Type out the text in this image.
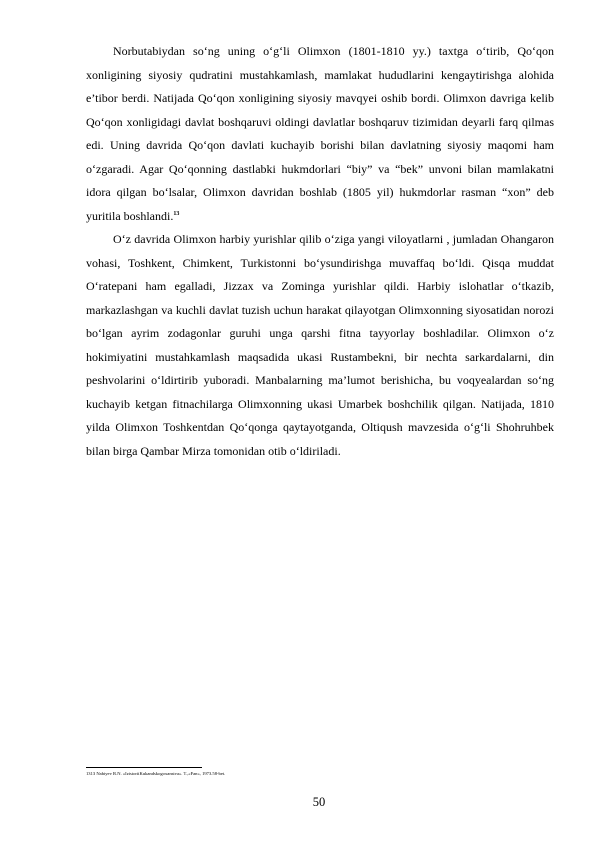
Norbutabiydan so‘ng uning o‘g‘li Olimxon (1801-1810 yy.) taxtga o‘tirib, Qo‘qon xonligining siyosiy qudratini mustahkamlash, mamlakat hududlarini kengaytirishga alohida e’tibor berdi. Natijada Qo‘qon xonligining siyosiy mavqyei oshib bordi. Olimxon davriga kelib Qo‘qon xonligidagi davlat boshqaruvi oldingi davlatlar boshqaruv tizimidan deyarli farq qilmas edi. Uning davrida Qo‘qon davlati kuchayib borishi bilan davlatning siyosiy maqomi ham o‘zgaradi. Agar Qo‘qonning dastlabki hukmdorlari “biy” va “bek” unvoni bilan mamlakatni idora qilgan bo‘lsalar, Olimxon davridan boshlab (1805 yil) hukmdorlar rasman “xon” deb yuritila boshlandi.$^{13}$

O‘z davrida Olimxon harbiy yurishlar qilib o‘ziga yangi viloyatlarni , jumladan Ohangaron vohasi, Toshkent, Chimkent, Turkistonni bo‘ysundirishga muvaffaq bo‘ldi. Qisqa muddat O‘ratepani ham egalladi, Jizzax va Zominga yurishlar qildi. Harbiy islohatlar o‘tkazib, markazlashgan va kuchli davlat tuzish uchun harakat qilayotgan Olimxonning siyosatidan norozi bo‘lgan ayrim zodagonlar guruhi unga qarshi fitna tayyorlay boshladilar. Olimxon o‘z hokimiyatini mustahkamlash maqsadida ukasi Rustambekni, bir nechta sarkardalarni, din peshvolarini o‘ldirtirib yuboradi. Manbalarning ma’lumot berishicha, bu voqyealardan so‘ng kuchayib ketgan fitnachilarga Olimxonning ukasi Umarbek boshchilik qilgan. Natijada, 1810 yilda Olimxon Toshkentdan Qo‘qonga qaytayotganda, Oltiqush mavzesida o‘g‘li Shohruhbek bilan birga Qambar Mirza tomonidan otib o‘ldiriladi.

1313 Nabiyev R.N. «IzistoriiKukandskogoxanstva». T.,«Fan», 1973.58-bet.
50
